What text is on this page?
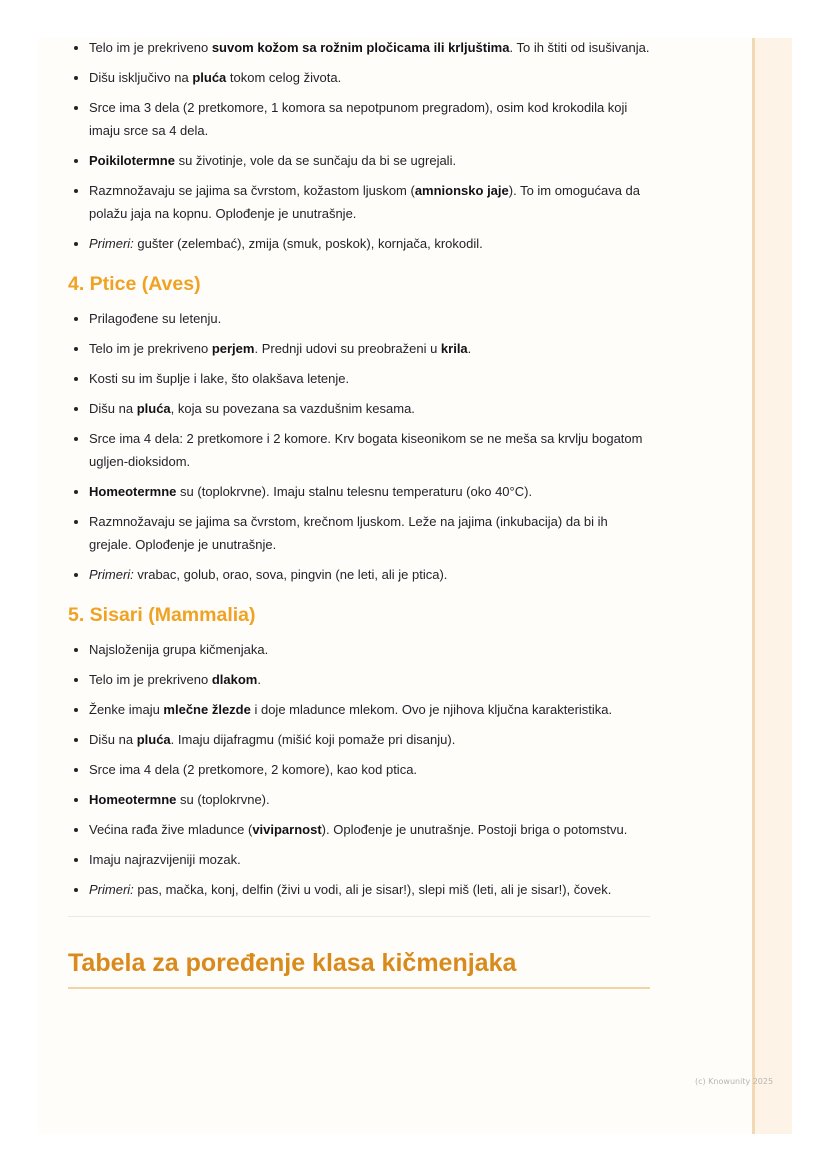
Telo im je prekriveno suvom kožom sa rožnim pločicama ili krljuštima. To ih štiti od isušivanja.
Dišu isključivo na pluća tokom celog života.
Srce ima 3 dela (2 pretkomore, 1 komora sa nepotpunom pregradom), osim kod krokodila koji imaju srce sa 4 dela.
Poikilotermne su životinje, vole da se sunčaju da bi se ugrejali.
Razmnožavaju se jajima sa čvrstom, kožastom ljuskom (amnionsko jaje). To im omogućava da polažu jaja na kopnu. Oplođenje je unutrašnje.
Primeri: gušter (zelembać), zmija (smuk, poskok), kornjača, krokodil.
4. Ptice (Aves)
Prilagođene su letenju.
Telo im je prekriveno perjem. Prednji udovi su preobraženi u krila.
Kosti su im šuplje i lake, što olakšava letenje.
Dišu na pluća, koja su povezana sa vazdušnim kesama.
Srce ima 4 dela: 2 pretkomore i 2 komore. Krv bogata kiseonikom se ne meša sa krvlju bogatom ugljen-dioksidom.
Homeotermne su (toplokrvne). Imaju stalnu telesnu temperaturu (oko 40°C).
Razmnožavaju se jajima sa čvrstom, krečnom ljuskom. Leže na jajima (inkubacija) da bi ih grejale. Oplođenje je unutrašnje.
Primeri: vrabac, golub, orao, sova, pingvin (ne leti, ali je ptica).
5. Sisari (Mammalia)
Najsloženija grupa kičmenjaka.
Telo im je prekriveno dlakom.
Ženke imaju mlečne žlezde i doje mladunce mlekom. Ovo je njihova ključna karakteristika.
Dišu na pluća. Imaju dijafragmu (mišić koji pomaže pri disanju).
Srce ima 4 dela (2 pretkomore, 2 komore), kao kod ptica.
Homeotermne su (toplokrvne).
Većina rađa žive mladunce (viviparnost). Oplođenje je unutrašnje. Postoji briga o potomstvu.
Imaju najrazvijeniji mozak.
Primeri: pas, mačka, konj, delfin (živi u vodi, ali je sisar!), slepi miš (leti, ali je sisar!), čovek.
Tabela za poređenje klasa kičmenjaka
(c) Knowunity 2025
